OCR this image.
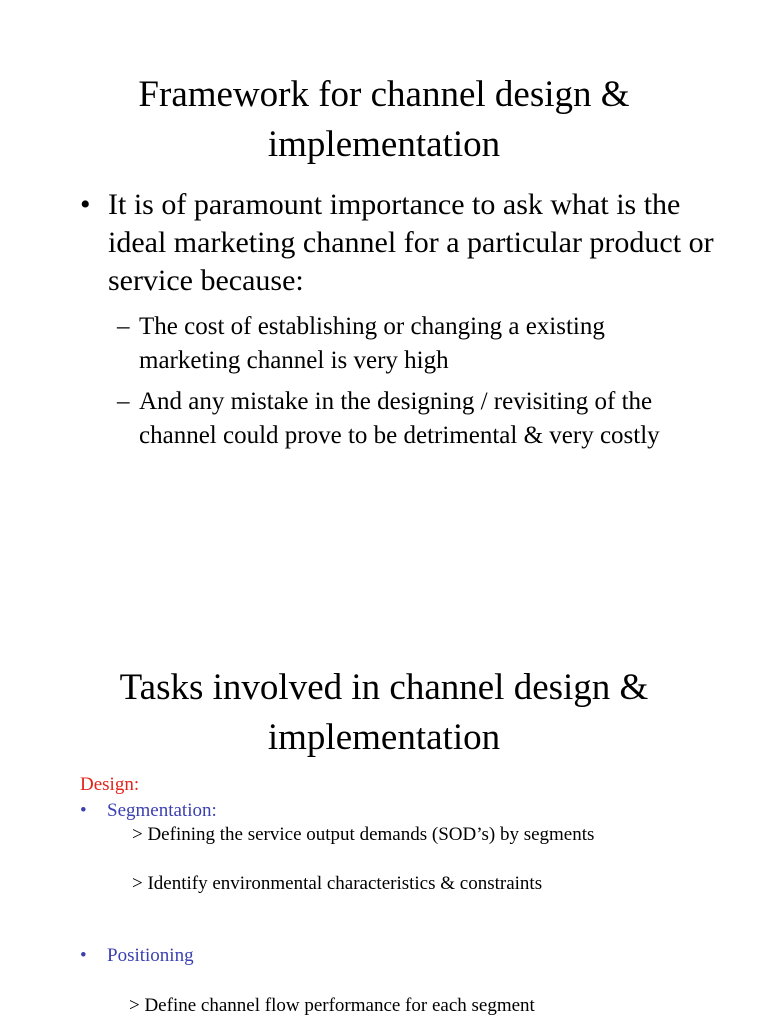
Framework for channel design &
implementation
• It is of paramount importance to ask what is the ideal marketing channel for a particular product or service because:
– The cost of establishing or changing a existing marketing channel is very high
– And any mistake in the designing / revisiting of the channel could prove to be detrimental & very costly
Tasks involved in channel design &
implementation
Design:
• Segmentation:
> Defining the service output demands (SOD’s) by segments
> Identify environmental characteristics & constraints
• Positioning
> Define channel flow performance for each segment
